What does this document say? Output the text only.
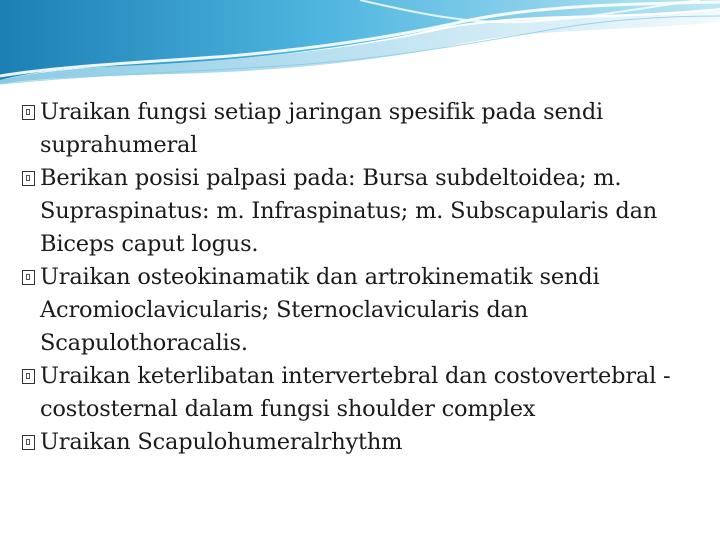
Uraikan fungsi setiap jaringan spesifik pada sendi suprahumeral
Berikan posisi palpasi pada: Bursa subdeltoidea; m. Supraspinatus: m. Infraspinatus; m. Subscapularis dan Biceps caput logus.
Uraikan osteokinamatik dan artrokinematik sendi Acromioclavicularis; Sternoclavicularis dan Scapulothoracalis.
Uraikan keterlibatan intervertebral dan costovertebral -costosternal dalam fungsi shoulder complex
Uraikan Scapulohumeralrhythm
